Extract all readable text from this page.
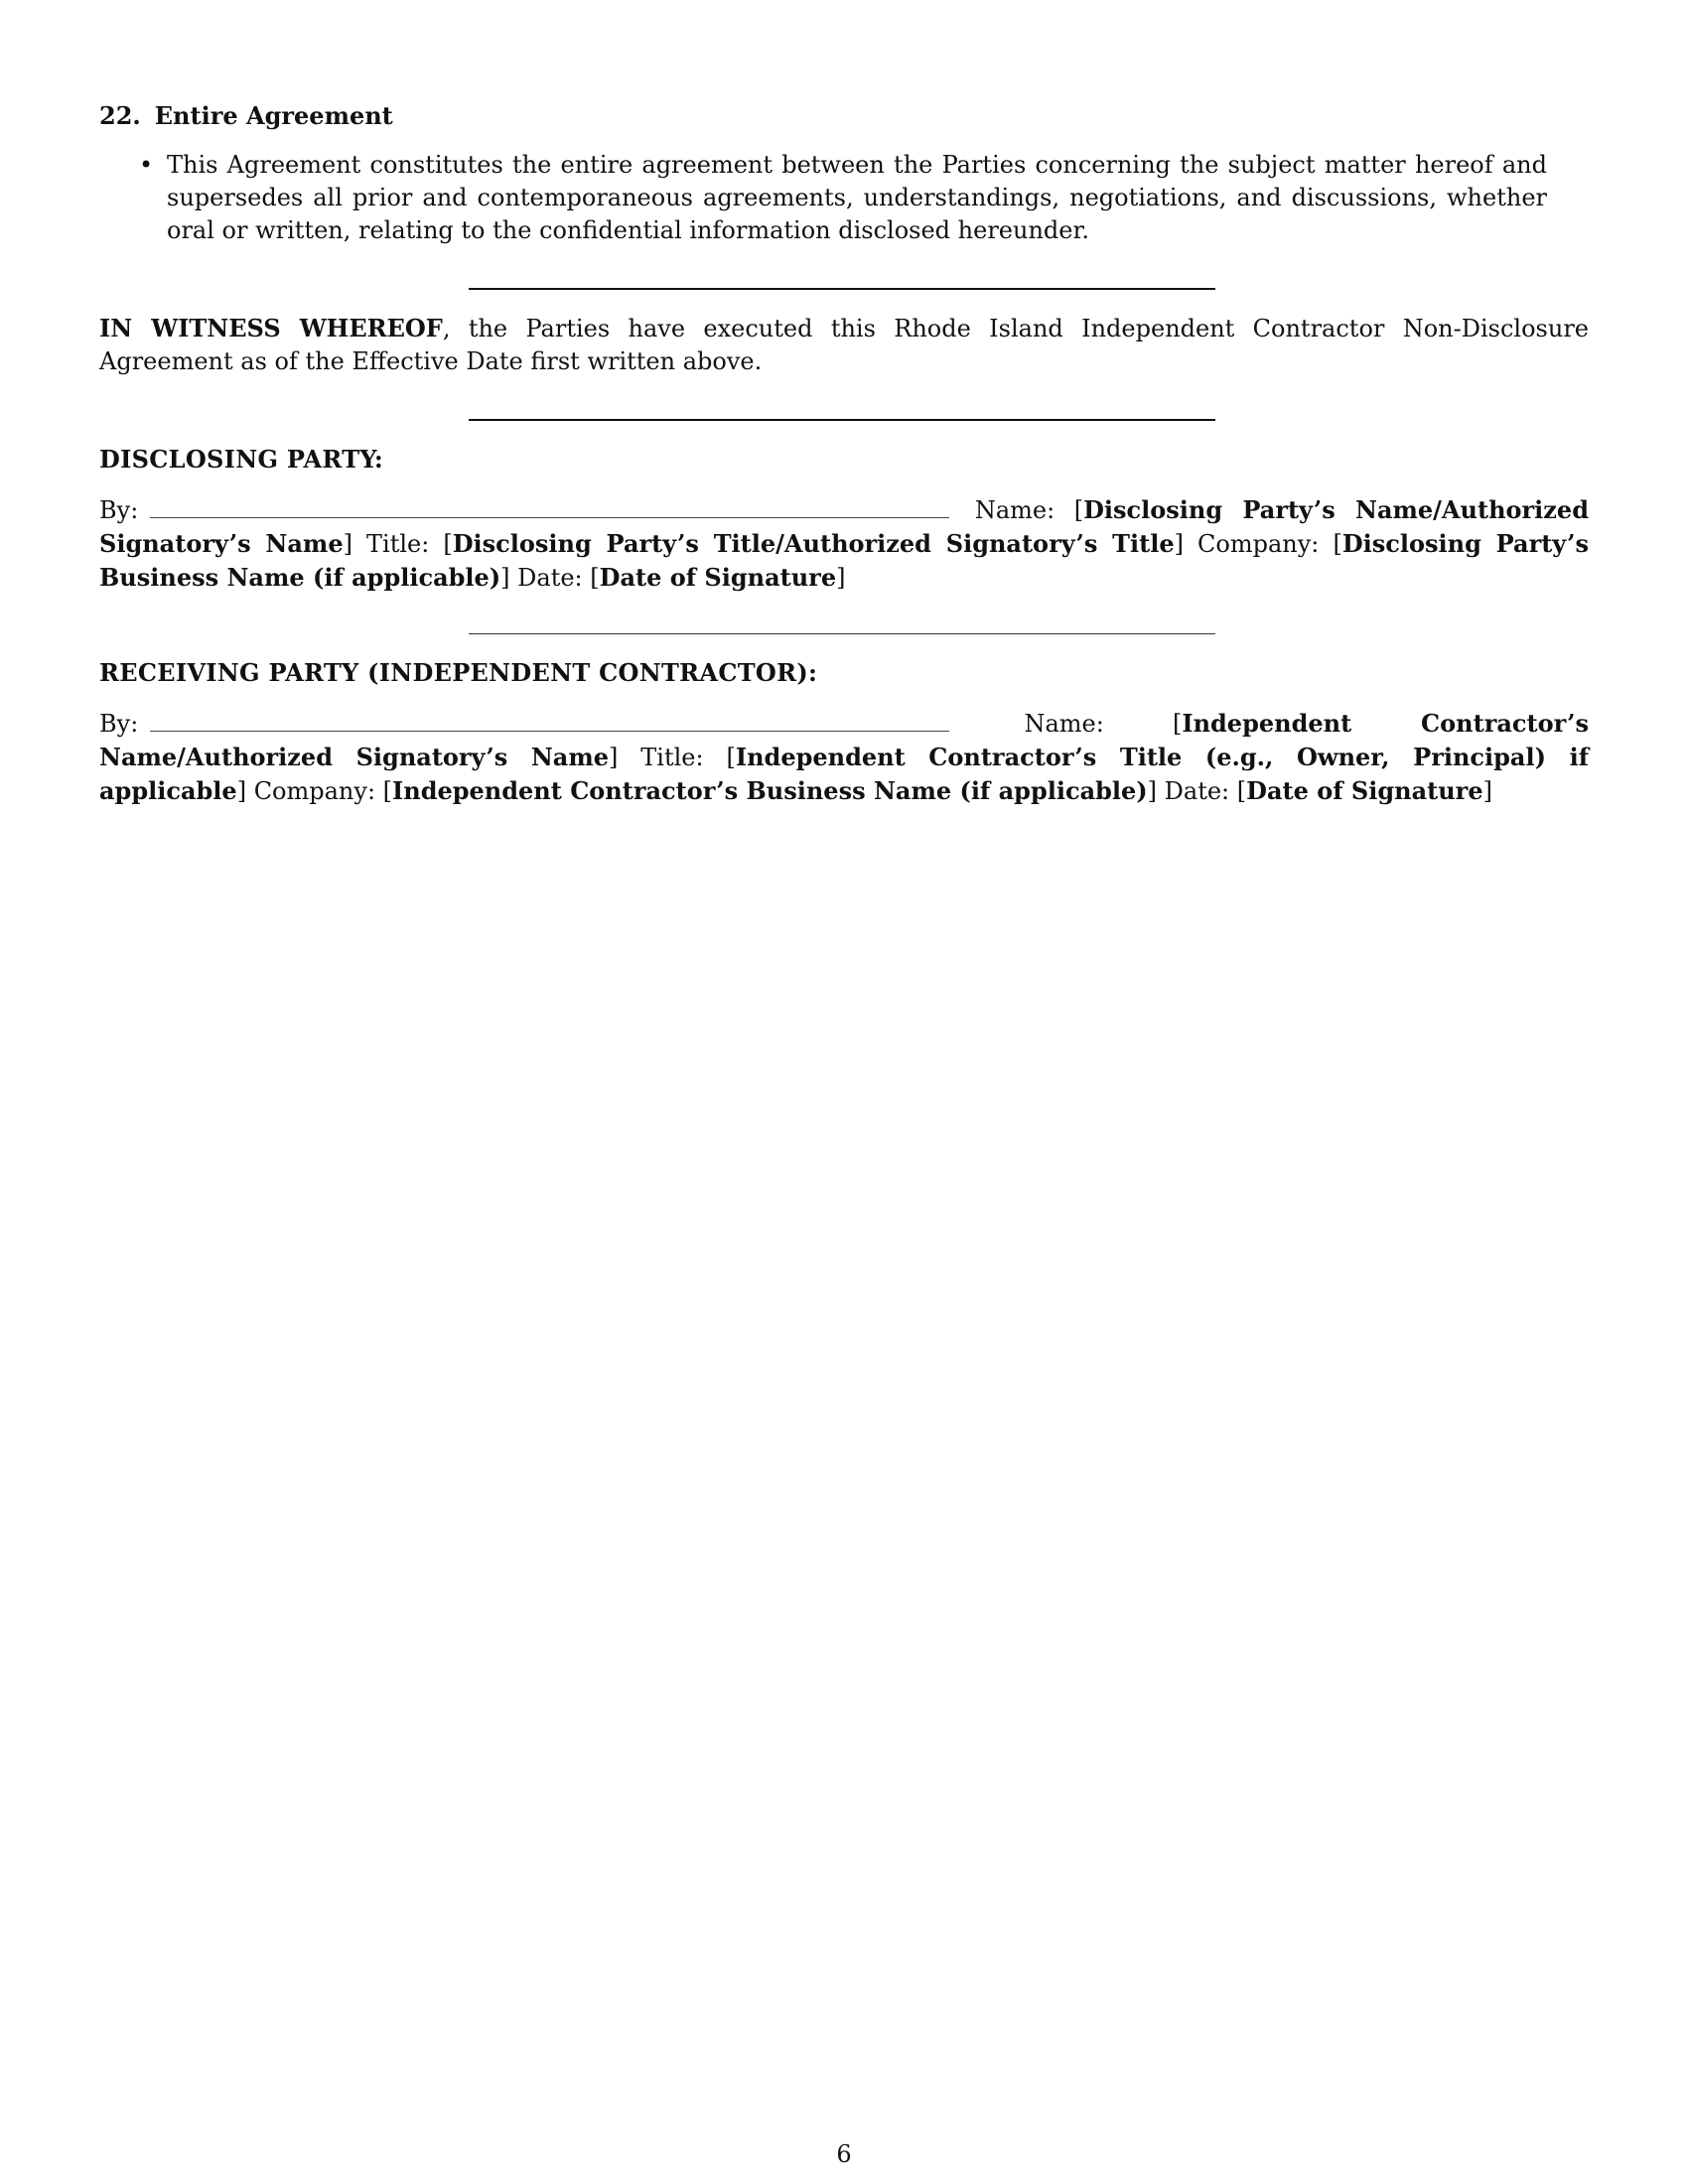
22. Entire Agreement
• This Agreement constitutes the entire agreement between the Parties concerning the subject matter hereof and supersedes all prior and contemporaneous agreements, understandings, negotiations, and discussions, whether oral or written, relating to the confidential information disclosed hereunder.
IN WITNESS WHEREOF, the Parties have executed this Rhode Island Independent Contractor Non-Disclosure Agreement as of the Effective Date first written above.
DISCLOSING PARTY:
By:	Name: [Disclosing Party’s Name/Authorized Signatory’s Name] Title: [Disclosing Party’s Title/Authorized Signatory’s Title] Company: [Disclosing Party’s Business Name (if applicable)] Date: [Date of Signature]
RECEIVING PARTY (INDEPENDENT CONTRACTOR):
By:	Name: [Independent Contractor’s Name/Authorized Signatory’s Name] Title: [Independent Contractor’s Title (e.g., Owner, Principal) if applicable] Company: [Independent Contractor’s Business Name (if applicable)] Date: [Date of Signature]
6
